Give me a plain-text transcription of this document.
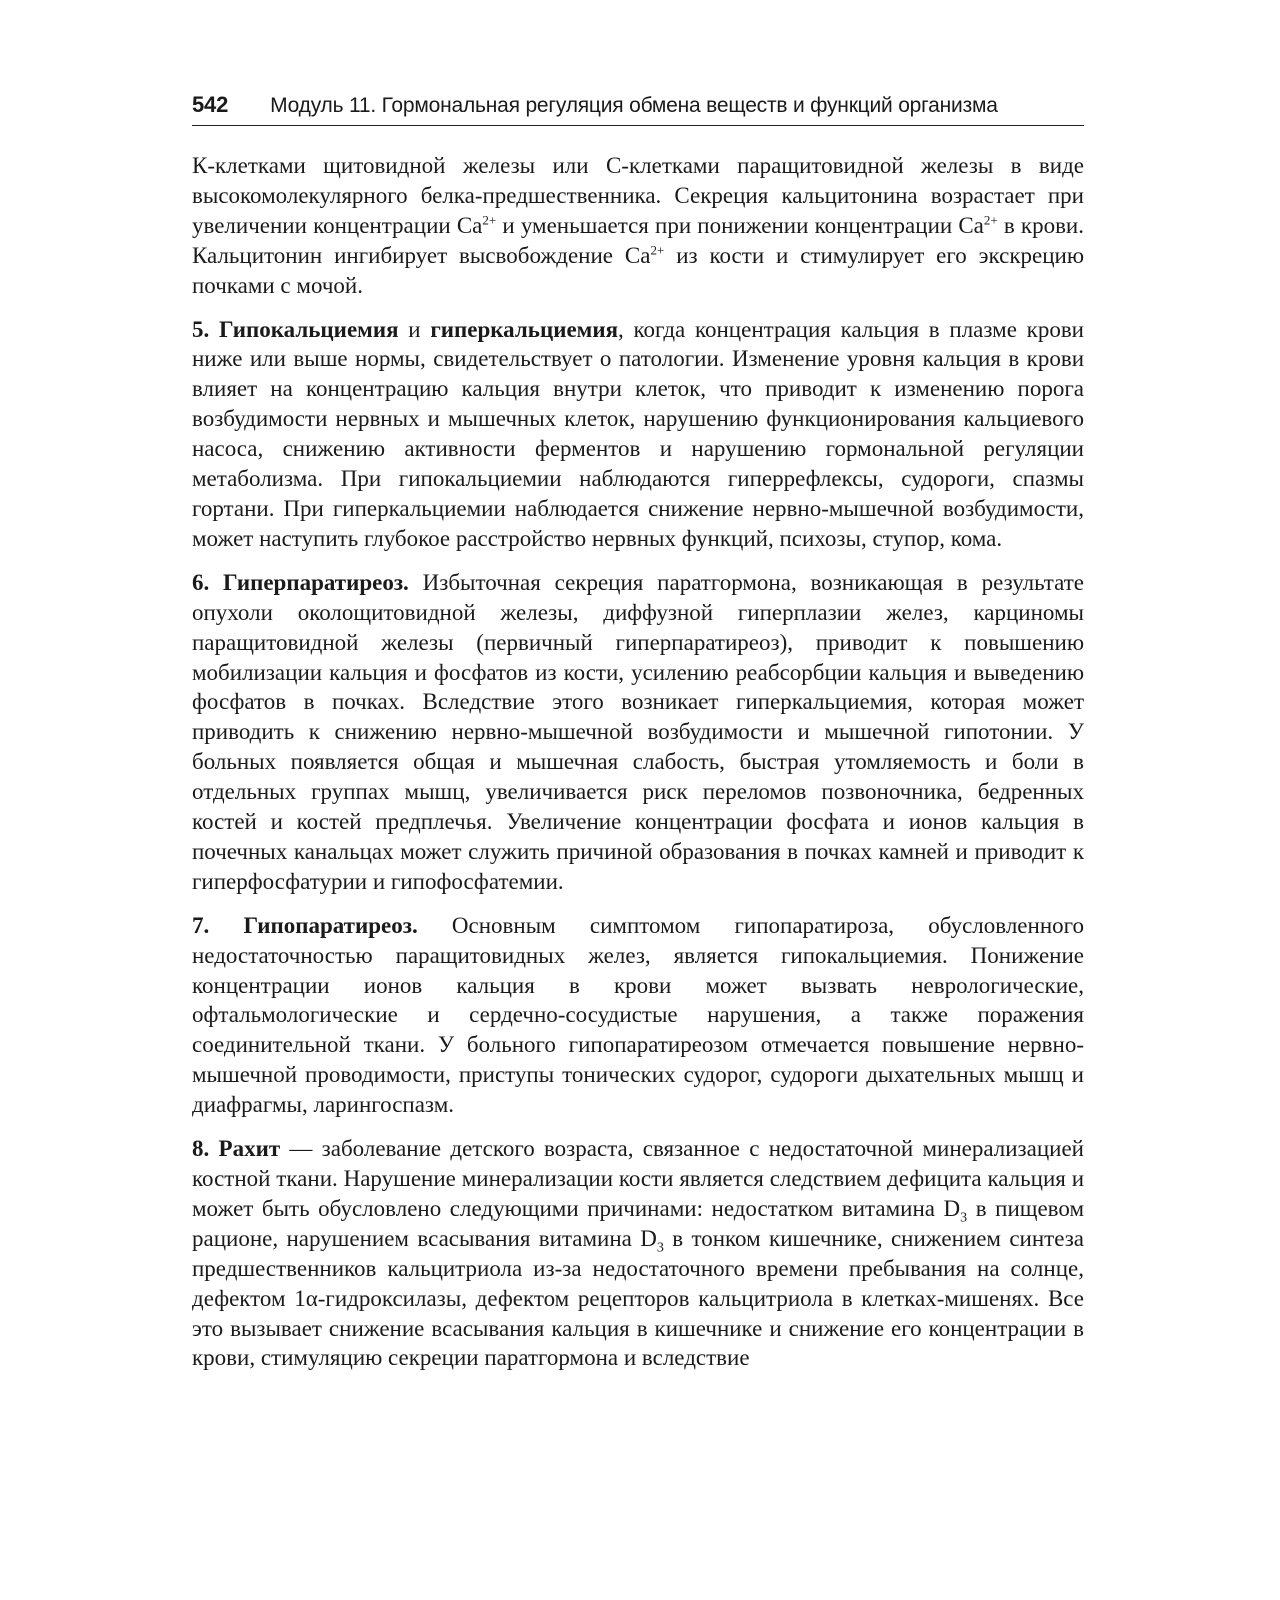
542 Модуль 11. Гормональная регуляция обмена веществ и функций организма

К-клетками щитовидной железы или С-клетками паращитовидной железы в виде высокомолекулярного белка-предшественника. Секреция кальцитонина возрастает при увеличении концентрации $Са^{2+}$ и уменьшается при понижении концентрации $Са^{2+}$ в крови. Кальцитонин ингибирует высвобождение $Са^{2+}$ из кости и стимулирует его экскрецию почками с мочой.

5. Гипокальциемия и гиперкальциемия, когда концентрация кальция в плазме крови ниже или выше нормы, свидетельствует о патологии. Изменение уровня кальция в крови влияет на концентрацию кальция внутри клеток, что приводит к изменению порога возбудимости нервных и мышечных клеток, нарушению функционирования кальциевого насоса, снижению активности ферментов и нарушению гормональной регуляции метаболизма. При гипокальциемии наблюдаются гиперрефлексы, судороги, спазмы гортани. При гиперкальциемии наблюдается снижение нервно-мышечной возбудимости, может наступить глубокое расстройство нервных функций, психозы, ступор, кома.

6. Гиперпаратиреоз. Избыточная секреция паратгормона, возникающая в результате опухоли околощитовидной железы, диффузной гиперплазии желез, карциномы паращитовидной железы (первичный гиперпаратиреоз), приводит к повышению мобилизации кальция и фосфатов из кости, усилению реабсорбции кальция и выведению фосфатов в почках. Вследствие этого возникает гиперкальциемия, которая может приводить к снижению нервно-мышечной возбудимости и мышечной гипотонии. У больных появляется общая и мышечная слабость, быстрая утомляемость и боли в отдельных группах мышц, увеличивается риск переломов позвоночника, бедренных костей и костей предплечья. Увеличение концентрации фосфата и ионов кальция в почечных канальцах может служить причиной образования в почках камней и приводит к гиперфосфатурии и гипофосфатемии.

7. Гипопаратиреоз. Основным симптомом гипопаратироза, обусловленного недостаточностью паращитовидных желез, является гипокальциемия. Понижение концентрации ионов кальция в крови может вызвать неврологические, офтальмологические и сердечно-сосудистые нарушения, а также поражения соединительной ткани. У больного гипопаратиреозом отмечается повышение нервно-мышечной проводимости, приступы тонических судорог, судороги дыхательных мышц и диафрагмы, ларингоспазм.

8. Рахит — заболевание детского возраста, связанное с недостаточной минерализацией костной ткани. Нарушение минерализации кости является следствием дефицита кальция и может быть обусловлено следующими причинами: недостатком витамина $D_3$ в пищевом рационе, нарушением всасывания витамина $D_3$ в тонком кишечнике, снижением синтеза предшественников кальцитриола из-за недостаточного времени пребывания на солнце, дефектом 1α-гидроксилазы, дефектом рецепторов кальцитриола в клетках-мишенях. Все это вызывает снижение всасывания кальция в кишечнике и снижение его концентрации в крови, стимуляцию секреции паратгормона и вследствие
